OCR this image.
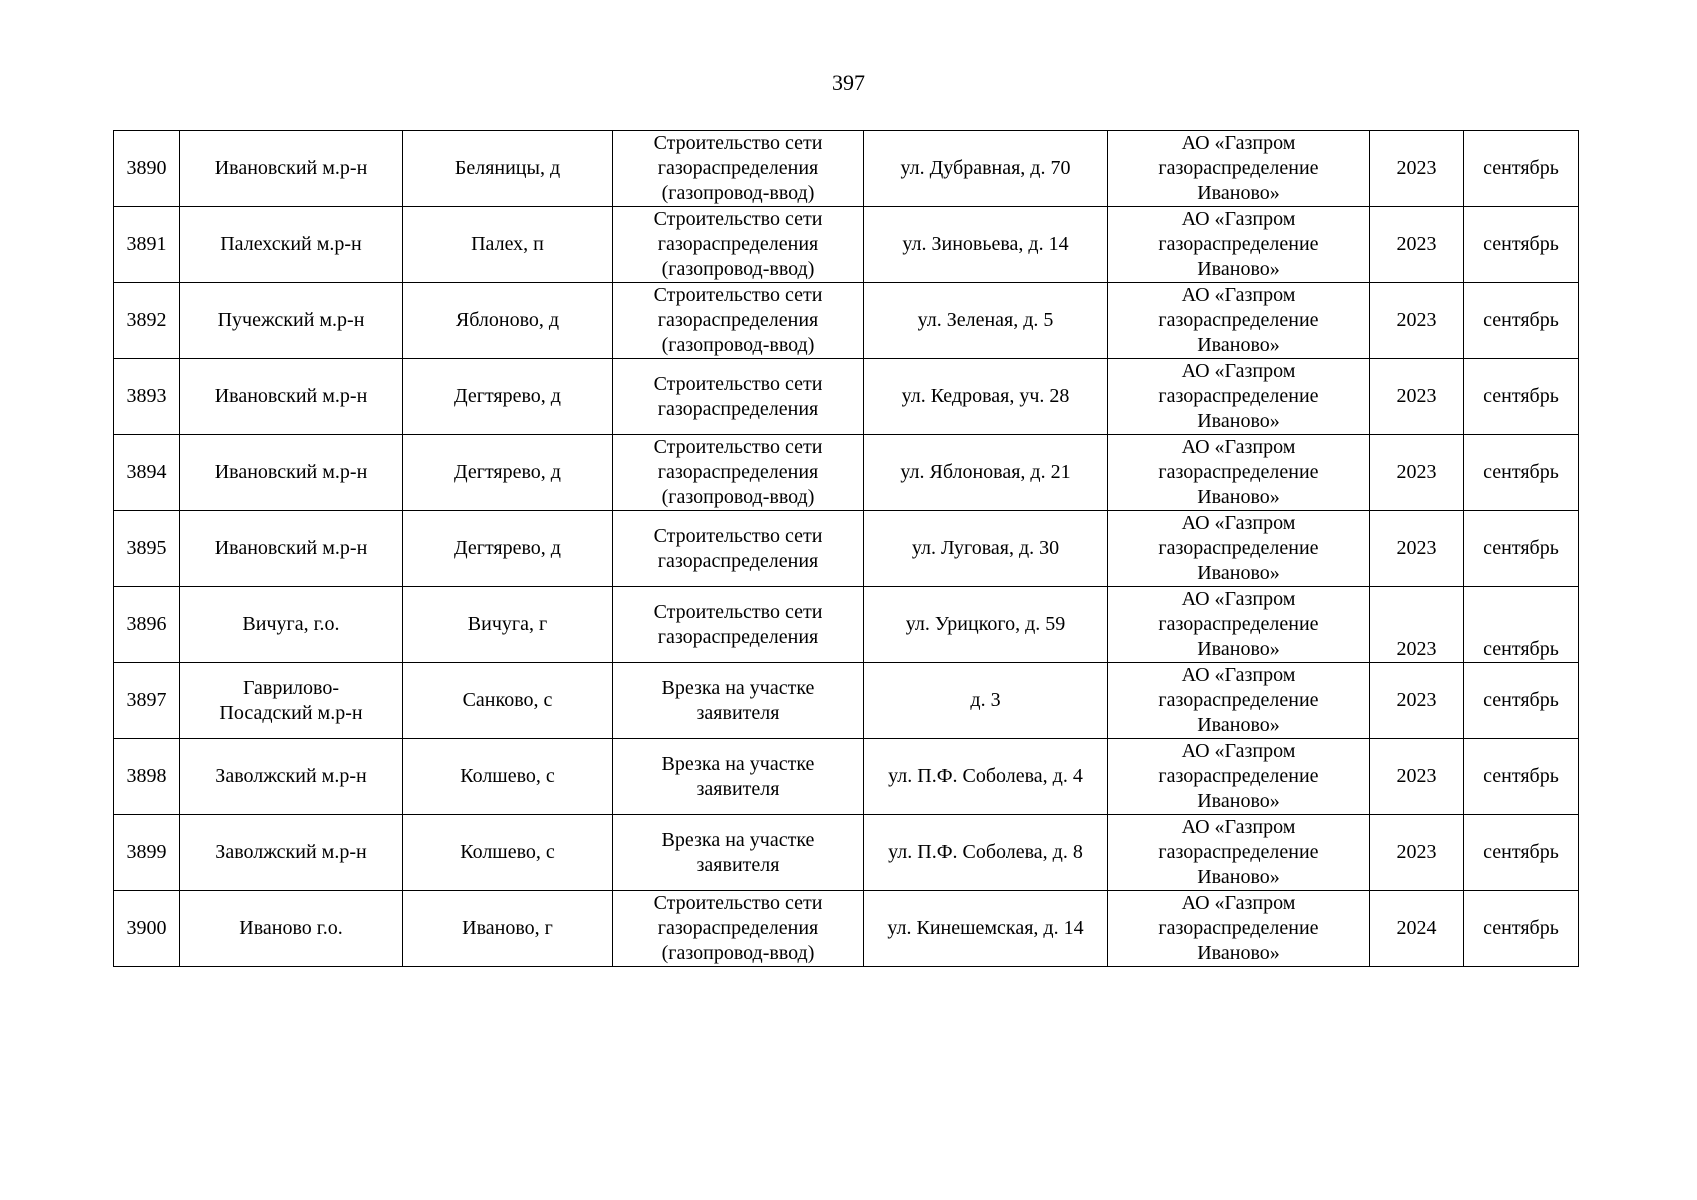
397
3890	Ивановский м.р-н	Беляницы, д	Строительство сети
газораспределения
(газопровод-ввод)	ул. Дубравная, д. 70	АО «Газпром
газораспределение
Иваново»	2023	сентябрь
3891	Палехский м.р-н	Палех, п	Строительство сети
газораспределения
(газопровод-ввод)	ул. Зиновьева, д. 14	АО «Газпром
газораспределение
Иваново»	2023	сентябрь
3892	Пучежский м.р-н	Яблоново, д	Строительство сети
газораспределения
(газопровод-ввод)	ул. Зеленая, д. 5	АО «Газпром
газораспределение
Иваново»	2023	сентябрь
3893	Ивановский м.р-н	Дегтярево, д	Строительство сети
газораспределения	ул. Кедровая, уч. 28	АО «Газпром
газораспределение
Иваново»	2023	сентябрь
3894	Ивановский м.р-н	Дегтярево, д	Строительство сети
газораспределения
(газопровод-ввод)	ул. Яблоновая, д. 21	АО «Газпром
газораспределение
Иваново»	2023	сентябрь
3895	Ивановский м.р-н	Дегтярево, д	Строительство сети
газораспределения	ул. Луговая, д. 30	АО «Газпром
газораспределение
Иваново»	2023	сентябрь
3896	Вичуга, г.о.	Вичуга, г	Строительство сети
газораспределения	ул. Урицкого, д. 59	АО «Газпром
газораспределение
Иваново»	2023	сентябрь
3897	Гаврилово-
Посадский м.р-н	Санково, с	Врезка на участке
заявителя	д. 3	АО «Газпром
газораспределение
Иваново»	2023	сентябрь
3898	Заволжский м.р-н	Колшево, с	Врезка на участке
заявителя	ул. П.Ф. Соболева, д. 4	АО «Газпром
газораспределение
Иваново»	2023	сентябрь
3899	Заволжский м.р-н	Колшево, с	Врезка на участке
заявителя	ул. П.Ф. Соболева, д. 8	АО «Газпром
газораспределение
Иваново»	2023	сентябрь
3900	Иваново г.о.	Иваново, г	Строительство сети
газораспределения
(газопровод-ввод)	ул. Кинешемская, д. 14	АО «Газпром
газораспределение
Иваново»	2024	сентябрь
